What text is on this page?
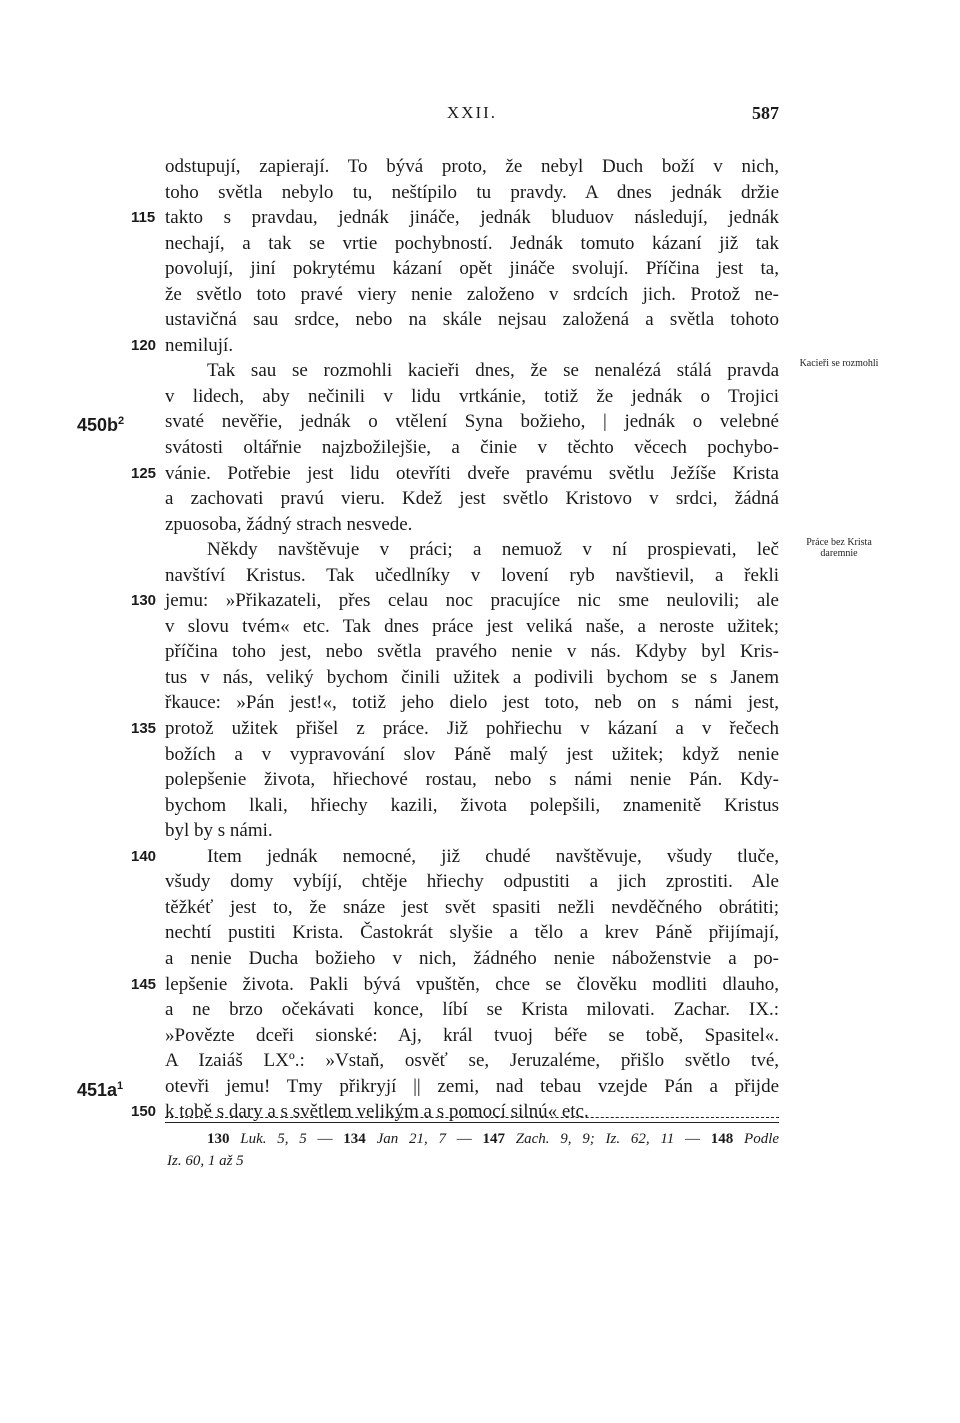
XXII.	587
odstupují, zapierají. To bývá proto, že nebyl Duch boží v nich,
toho světla nebylo tu, neštípilo tu pravdy. A dnes jednák držie
takto s pravdau, jednák jináče, jednák bluduov následují, jednák
115
nechají, a tak se vrtie pochybností. Jednák tomuto kázaní již tak
povolují, jiní pokrytému kázaní opět jináče svolují. Příčina jest ta,
že světlo toto pravé viery nenie založeno v srdcích jich. Protož ne-
ustavičná sau srdce, nebo na skále nejsau založená a světla tohoto
nemilují.
120
Tak sau se rozmohli kacieři dnes, že se nenalézá stálá pravda
v lidech, aby nečinili v lidu vrtkánie, totiž že jednák o Trojici
svaté nevěřie, jednák o vtělení Syna božieho, | jednák o velebné
$450b^2$
svátosti oltářnie najzbožilejšie, a činie v těchto věcech pochybo-
vánie. Potřebie jest lidu otevříti dveře pravému světlu Ježíše Krista
125
a zachovati pravú vieru. Kdež jest světlo Kristovo v srdci, žádná
zpuosoba, žádný strach nesvede.
Někdy navštěvuje v práci; a nemuož v ní prospievati, leč
navštíví Kristus. Tak učedlníky v lovení ryb navštievil, a řekli
jemu: »Přikazateli, přes celau noc pracujíce nic sme neulovili; ale
130
v slovu tvém« etc. Tak dnes práce jest veliká naše, a neroste užitek;
příčina toho jest, nebo světla pravého nenie v nás. Kdyby byl Kris-
tus v nás, veliký bychom činili užitek a podivili bychom se s Janem
řkauce: »Pán jest!«, totiž jeho dielo jest toto, neb on s námi jest,
protož užitek přišel z práce. Již pohřiechu v kázaní a v řečech
135
božích a v vypravování slov Páně malý jest užitek; když nenie
polepšenie života, hřiechové rostau, nebo s námi nenie Pán. Kdy-
bychom lkali, hřiechy kazili, života polepšili, znamenitě Kristus
byl by s námi.
Item jednák nemocné, již chudé navštěvuje, všudy tluče,
140
všudy domy vybíjí, chtěje hřiechy odpustiti a jich zprostiti. Ale
těžkéť jest to, že snáze jest svět spasiti nežli nevděčného obrátiti;
nechtí pustiti Krista. Častokrát slyšie a tělo a krev Páně přijímají,
a nenie Ducha božieho v nich, žádného nenie náboženstvie a po-
lepšenie života. Pakli bývá vpuštěn, chce se člověku modliti dlauho,
145
a ne brzo očekávati konce, líbí se Krista milovati. Zachar. IX.:
»Povězte dceři sionské: Aj, král tvuoj béře se tobě, Spasitel«.
A Izaiáš LXº.: »Vstaň, osvěť se, Jeruzaléme, přišlo světlo tvé,
otevři jemu! Tmy přikryjí || zemi, nad tebau vzejde Pán a přijde
$451a^1$
k tobě s dary a s světlem velikým a s pomocí silnú« etc.
150
Kacieři se rozmohli
Práce bez Krista daremnie
130 Luk. 5, 5 — 134 Jan 21, 7 — 147 Zach. 9, 9; Iz. 62, 11 — 148 Podle
Iz. 60, 1 až 5
